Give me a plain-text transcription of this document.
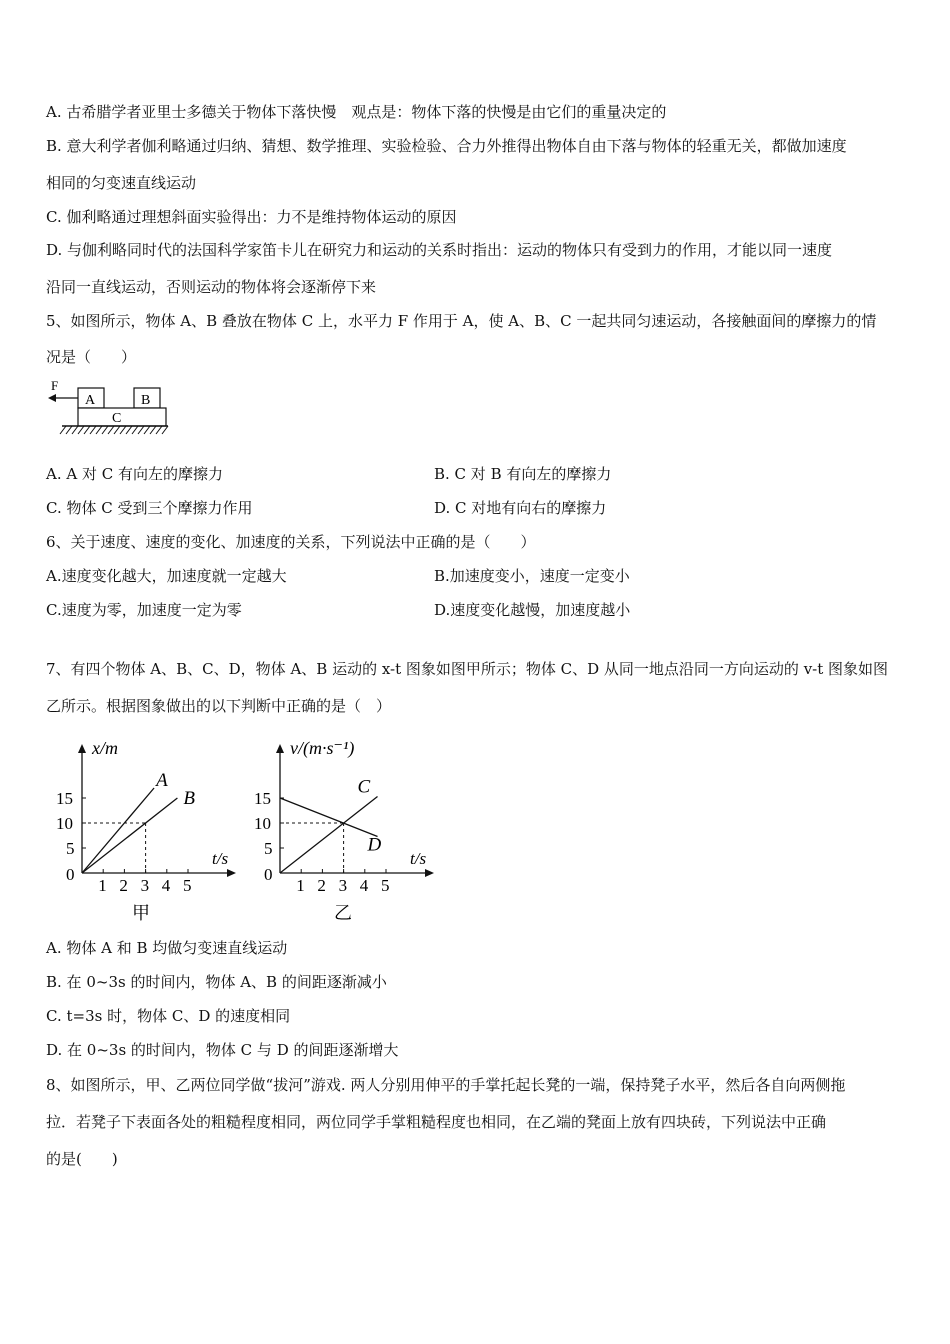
A. 古希腊学者亚里士多德关于物体下落快慢　观点是：物体下落的快慢是由它们的重量决定的
B. 意大利学者伽利略通过归纳、猜想、数学推理、实验检验、合力外推得出物体自由下落与物体的轻重无关，都做加速度
相同的匀变速直线运动
C. 伽利略通过理想斜面实验得出：力不是维持物体运动的原因
D. 与伽利略同时代的法国科学家笛卡儿在研究力和运动的关系时指出：运动的物体只有受到力的作用，才能以同一速度
沿同一直线运动，否则运动的物体将会逐渐停下来
5、如图所示，物体 A、B 叠放在物体 C 上，水平力 F 作用于 A，使 A、B、C 一起共同匀速运动，各接触面间的摩擦力的情
况是（　　）
F
A	B
C
A. A 对 C 有向左的摩擦力	B. C 对 B 有向左的摩擦力
C. 物体 C 受到三个摩擦力作用	D. C 对地有向右的摩擦力
6、关于速度、速度的变化、加速度的关系，下列说法中正确的是（　　）
A.速度变化越大，加速度就一定越大	B.加速度变小，速度一定变小
C.速度为零，加速度一定为零	D.速度变化越慢，加速度越小
7、有四个物体 A、B、C、D，物体 A、B 运动的 x-t 图象如图甲所示；物体 C、D 从同一地点沿同一方向运动的 v-t 图象如图
乙所示。根据图象做出的以下判断中正确的是（　）
x/m
t/s
0
1 2 3 4 5
5
10
15
A
B
甲
v/(m·s⁻¹)
t/s
0
1 2 3 4 5
5
10
15
C
D
乙
A. 物体 A 和 B 均做匀变速直线运动
B. 在 0~3s 的时间内，物体 A、B 的间距逐渐减小
C. t=3s 时，物体 C、D 的速度相同
D. 在 0~3s 的时间内，物体 C 与 D 的间距逐渐增大
8、如图所示，甲、乙两位同学做“拔河”游戏. 两人分别用伸平的手掌托起长凳的一端，保持凳子水平，然后各自向两侧拖
拉．若凳子下表面各处的粗糙程度相同，两位同学手掌粗糙程度也相同，在乙端的凳面上放有四块砖，下列说法中正确
的是(　　)
